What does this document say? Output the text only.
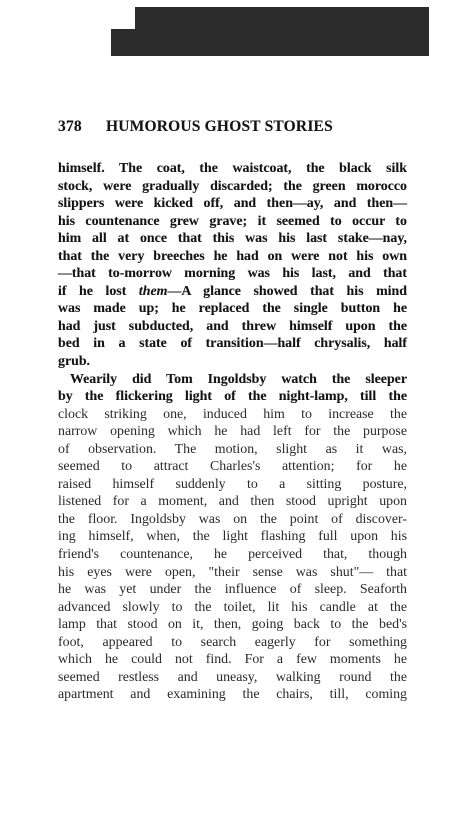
378 HUMOROUS GHOST STORIES
himself. The coat, the waistcoat, the black silk
stock, were gradually discarded; the green morocco
slippers were kicked off, and then—ay, and then—
his countenance grew grave; it seemed to occur to
him all at once that this was his last stake—nay,
that the very breeches he had on were not his own
—that to-morrow morning was his last, and that
if he lost them—A glance showed that his mind
was made up; he replaced the single button he
had just subducted, and threw himself upon the
bed in a state of transition—half chrysalis, half
grub.
Wearily did Tom Ingoldsby watch the sleeper
by the flickering light of the night-lamp, till the
clock striking one, induced him to increase the
narrow opening which he had left for the purpose
of observation. The motion, slight as it was,
seemed to attract Charles's attention; for he
raised himself suddenly to a sitting posture,
listened for a moment, and then stood upright upon
the floor. Ingoldsby was on the point of discover-
ing himself, when, the light flashing full upon his
friend's countenance, he perceived that, though
his eyes were open, "their sense was shut"— that
he was yet under the influence of sleep. Seaforth
advanced slowly to the toilet, lit his candle at the
lamp that stood on it, then, going back to the bed's
foot, appeared to search eagerly for something
which he could not find. For a few moments he
seemed restless and uneasy, walking round the
apartment and examining the chairs, till, coming
